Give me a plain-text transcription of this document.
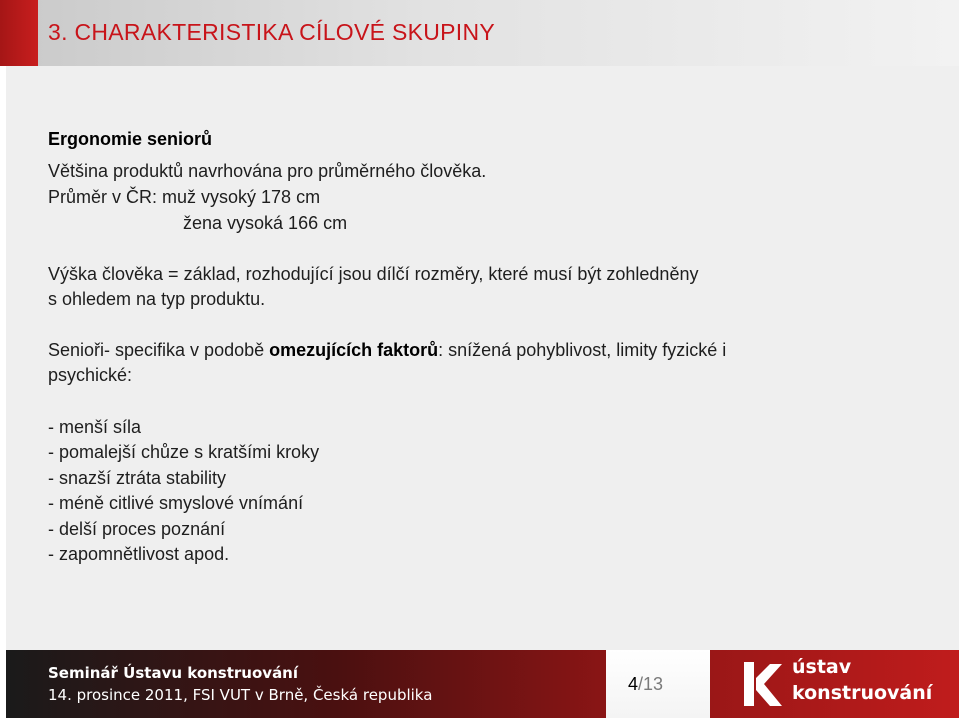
3. CHARAKTERISTIKA CÍLOVÉ SKUPINY
Ergonomie seniorů
Většina produktů navrhována pro průměrného člověka.
Průměr v ČR: muž vysoký 178 cm
žena vysoká 166 cm
Výška člověka = základ, rozhodující jsou dílčí rozměry, které musí být zohledněny
s ohledem na typ produktu.
Senioři- specifika v podobě omezujících faktorů: snížená pohyblivost, limity fyzické i
psychické:
- menší síla
- pomalejší chůze s kratšími kroky
- snazší ztráta stability
- méně citlivé smyslové vnímání
- delší proces poznání
- zapomnětlivost apod.
Seminář Ústavu konstruování
14. prosince 2011, FSI VUT v Brně, Česká republika
4/13
ústav
konstruování
